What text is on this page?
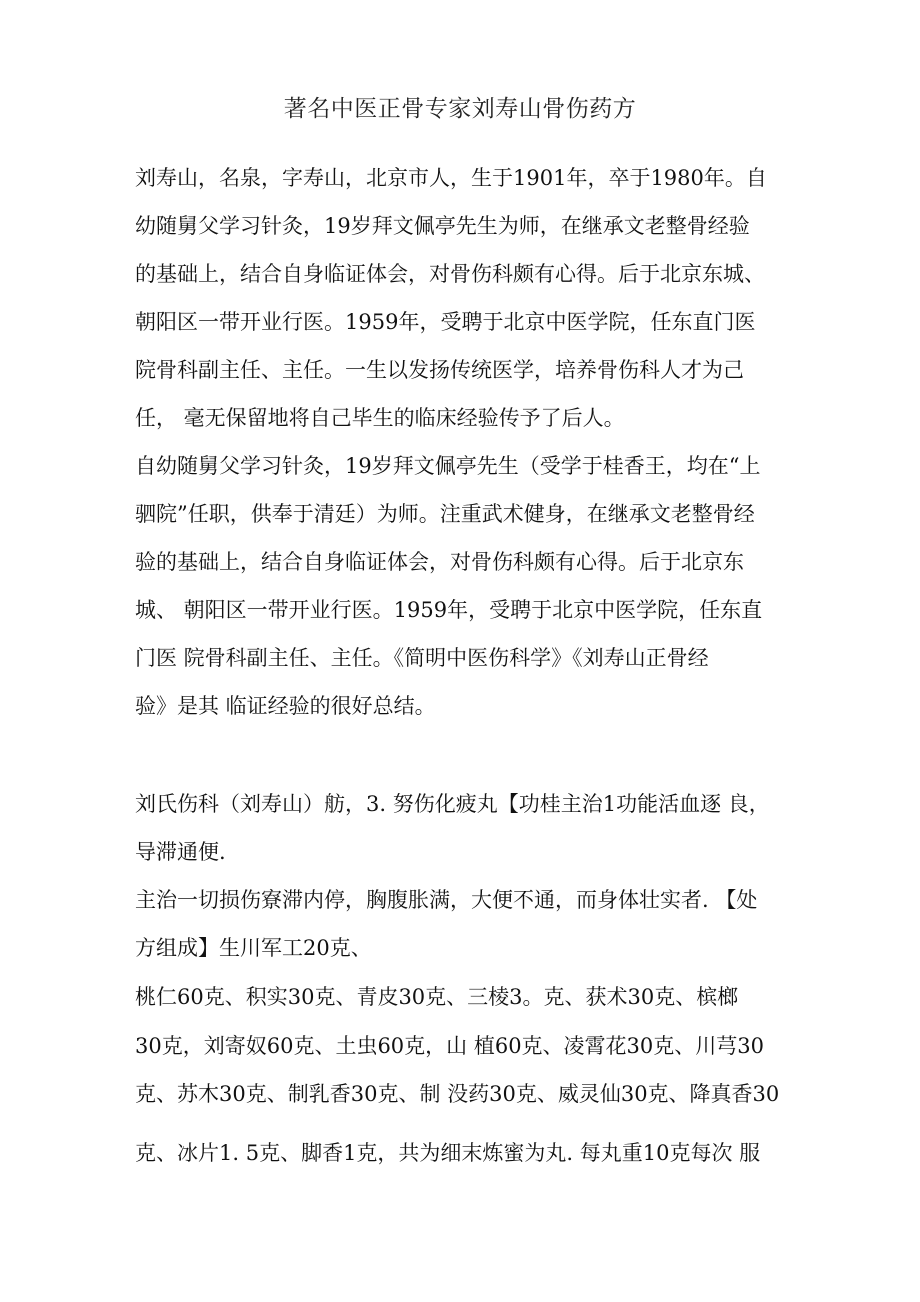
著名中医正骨专家刘寿山骨伤药方
刘寿山，名泉，字寿山，北京市人，生于1901年，卒于1980年。自
幼随舅父学习针灸，19岁拜文佩亭先生为师，在继承文老整骨经验
的基础上，结合自身临证体会，对骨伤科颇有心得。后于北京东城、
朝阳区一带开业行医。1959年，受聘于北京中医学院，任东直门医
院骨科副主任、主任。一生以发扬传统医学，培养骨伤科人才为己
任， 毫无保留地将自己毕生的临床经验传予了后人。
自幼随舅父学习针灸，19岁拜文佩亭先生（受学于桂香王，均在“上
驷院”任职，供奉于清廷）为师。注重武术健身，在继承文老整骨经
验的基础上，结合自身临证体会，对骨伤科颇有心得。后于北京东
城、 朝阳区一带开业行医。1959年，受聘于北京中医学院，任东直
门医 院骨科副主任、主任。《简明中医伤科学》《刘寿山正骨经
验》是其 临证经验的很好总结。
刘氏伤科（刘寿山）舫，3. 努伤化疲丸【功桂主治1功能活血逐 良，
导滞通便.
主治一切损伤寮滞内停，胸腹胀满，大便不通，而身体壮实者. 【处
方组成】生川军工20克、
桃仁60克、积实30克、青皮30克、三棱3。克、获术30克、槟榔
30克，刘寄奴60克、土虫60克，山 植60克、凌霄花30克、川芎30
克、苏木30克、制乳香30克、制 没药30克、威灵仙30克、降真香30
克、冰片1. 5克、脚香1克，共为细末炼蜜为丸. 每丸重10克每次 服
